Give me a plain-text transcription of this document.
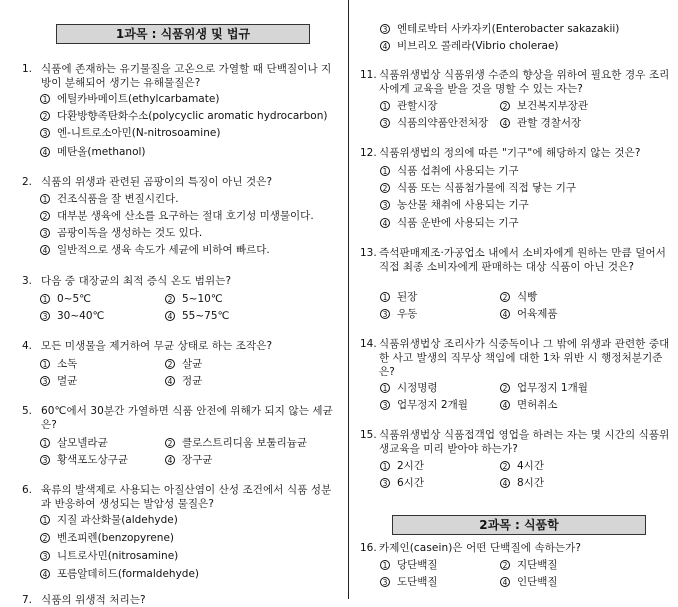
1과목 : 식품위생 및 법규
2과목 : 식품학
1. 식품에 존재하는 유기물질을 고온으로 가열할 때 단백질이나 지방이 분해되어 생기는 유해물질은?
1 에틸카바메이트(ethylcarbamate)
2 다환방향족탄화수소(polycyclic aromatic hydrocarbon)
3 엔-니트로소아민(N-nitrosoamine)
4 메탄올(methanol)
2. 식품의 위생과 관련된 곰팡이의 특징이 아닌 것은?
1 건조식품을 잘 변질시킨다.
2 대부분 생육에 산소를 요구하는 절대 호기성 미생물이다.
3 곰팡이독을 생성하는 것도 있다.
4 일반적으로 생육 속도가 세균에 비하여 빠르다.
3. 다음 중 대장균의 최적 증식 온도 범위는?
1 0~5℃	2 5~10℃
3 30~40℃	4 55~75℃
4. 모든 미생물을 제거하여 무균 상태로 하는 조작은?
1 소독	2 살균
3 멸균	4 정균
5. 60℃에서 30분간 가열하면 식품 안전에 위해가 되지 않는 세균은?
1 살모넬라균	2 클로스트리디움 보툴리늄균
3 황색포도상구균	4 장구균
6. 육류의 발색제로 사용되는 아질산염이 산성 조건에서 식품 성분과 반응하여 생성되는 발암성 물질은?
1 지질 과산화물(aldehyde)
2 벤조피렌(benzopyrene)
3 니트로사민(nitrosamine)
4 포름알데히드(formaldehyde)
7. 식품의 위생적 처리는?
3 엔테로박터 사카자키(Enterobacter sakazakii)
4 비브리오 콜레라(Vibrio cholerae)
11. 식품위생법상 식품위생 수준의 향상을 위하여 필요한 경우 조리사에게 교육을 받을 것을 명할 수 있는 자는?
1 관할시장	2 보건복지부장관
3 식품의약품안전처장	4 관할 경찰서장
12. 식품위생법의 정의에 따른 "기구"에 해당하지 않는 것은?
1 식품 섭취에 사용되는 기구
2 식품 또는 식품첨가물에 직접 닿는 기구
3 농산물 채취에 사용되는 기구
4 식품 운반에 사용되는 기구
13. 즉석판매제조·가공업소 내에서 소비자에게 원하는 만큼 덜어서 직접 최종 소비자에게 판매하는 대상 식품이 아닌 것은?
1 된장	2 식빵
3 우동	4 어육제품
14. 식품위생법상 조리사가 식중독이나 그 밖에 위생과 관련한 중대한 사고 발생의 직무상 책임에 대한 1차 위반 시 행정처분기준은?
1 시정명령	2 업무정지 1개월
3 업무정지 2개월	4 면허취소
15. 식품위생법상 식품접객업 영업을 하려는 자는 몇 시간의 식품위생교육을 미리 받아야 하는가?
1 2시간	2 4시간
3 6시간	4 8시간
16. 카제인(casein)은 어떤 단백질에 속하는가?
1 당단백질	2 지단백질
3 도단백질	4 인단백질
